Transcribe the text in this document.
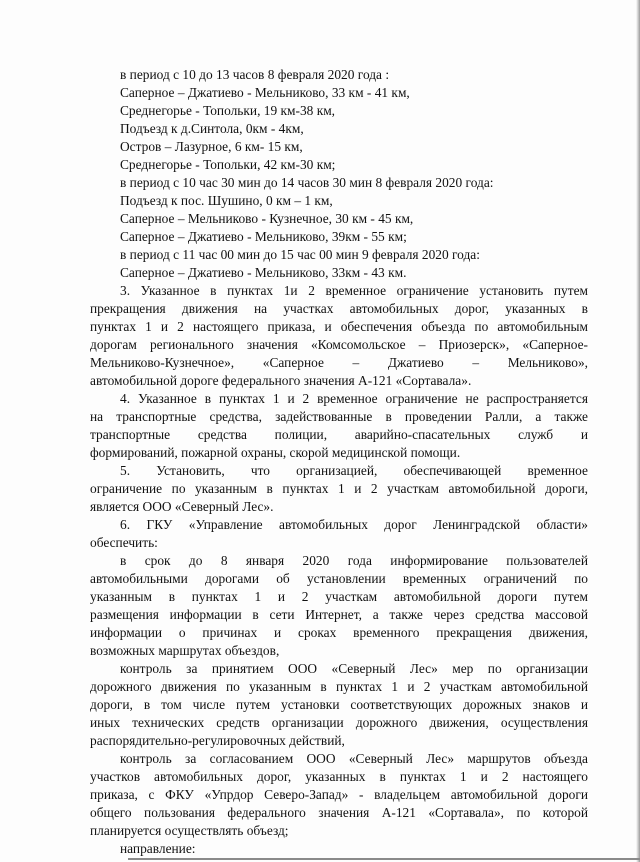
в период с 10 до 13 часов 8 февраля 2020 года :

Саперное – Джатиево - Мельниково, 33 км - 41 км,

Среднегорье - Топольки, 19 км-38 км,

Подъезд к д.Синтола, 0км - 4км,

Остров – Лазурное, 6 км- 15 км,

Среднегорье - Топольки, 42 км-30 км;

в период с 10 час 30 мин до 14 часов 30 мин 8 февраля 2020 года:

Подъезд к пос. Шушино, 0 км – 1 км,

Саперное – Мельниково - Кузнечное, 30 км - 45 км,

Саперное – Джатиево - Мельниково, 39км - 55 км;

в период с 11 час 00 мин до 15 час 00 мин 9 февраля 2020 года:

Саперное – Джатиево - Мельниково, 33км - 43 км.

3. Указанное в пунктах 1и 2 временное ограничение установить путем

прекращения движения на участках автомобильных дорог, указанных в

пунктах 1 и 2 настоящего приказа, и обеспечения объезда по автомобильным

дорогам регионального значения «Комсомольское – Приозерск», «Саперное-

Мельниково-Кузнечное», «Саперное – Джатиево – Мельниково»,

автомобильной дороге федерального значения А-121 «Сортавала».

4. Указанное в пунктах 1 и 2 временное ограничение не распространяется

на транспортные средства, задействованные в проведении Ралли, а также

транспортные средства полиции, аварийно-спасательных служб и

формирований, пожарной охраны, скорой медицинской помощи.

5. Установить, что организацией, обеспечивающей временное

ограничение по указанным в пунктах 1 и 2 участкам автомобильной дороги,

является ООО «Северный Лес».

6. ГКУ «Управление автомобильных дорог Ленинградской области»

обеспечить:

в срок до 8 января 2020 года информирование пользователей

автомобильными дорогами об установлении временных ограничений по

указанным в пунктах 1 и 2 участкам автомобильной дороги путем

размещения информации в сети Интернет, а также через средства массовой

информации о причинах и сроках временного прекращения движения,

возможных маршрутах объездов,

контроль за принятием ООО «Северный Лес» мер по организации

дорожного движения по указанным в пунктах 1 и 2 участкам автомобильной

дороги, в том числе путем установки соответствующих дорожных знаков и

иных технических средств организации дорожного движения, осуществления

распорядительно-регулировочных действий,

контроль за согласованием ООО «Северный Лес» маршрутов объезда

участков автомобильных дорог, указанных в пунктах 1 и 2 настоящего

приказа, с ФКУ «Упрдор Северо-Запад» - владельцем автомобильной дороги

общего пользования федерального значения А-121 «Сортавала», по которой

планируется осуществлять объезд;

направление:
